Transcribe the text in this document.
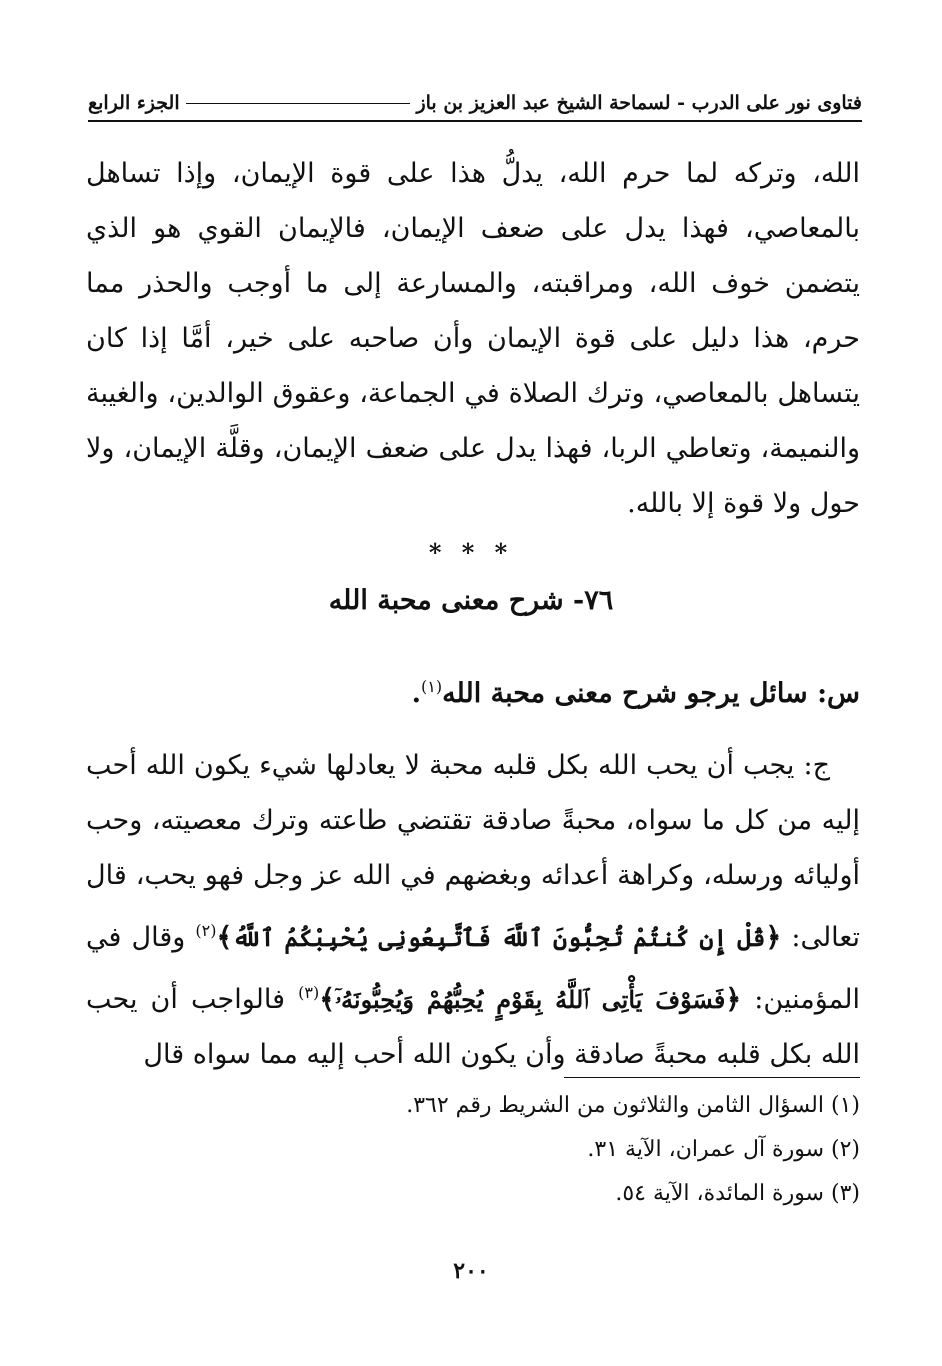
فتاوى نور على الدرب - لسماحة الشيخ عبد العزيز بن باز
الجزء الرابع

الله، وتركه لما حرم الله، يدلُّ هذا على قوة الإيمان، وإذا تساهل بالمعاصي، فهذا يدل على ضعف الإيمان، فالإيمان القوي هو الذي يتضمن خوف الله، ومراقبته، والمسارعة إلى ما أوجب والحذر مما حرم، هذا دليل على قوة الإيمان وأن صاحبه على خير، أمَّا إذا كان يتساهل بالمعاصي، وترك الصلاة في الجماعة، وعقوق الوالدين، والغيبة والنميمة، وتعاطي الربا، فهذا يدل على ضعف الإيمان، وقلَّة الإيمان، ولا حول ولا قوة إلا بالله.

* * *
٧٦- شرح معنى محبة الله
س: سائل يرجو شرح معنى محبة الله$^{(١)}$.

ج: يجب أن يحب الله بكل قلبه محبة لا يعادلها شيء يكون الله أحب إليه من كل ما سواه، محبةً صادقة تقتضي طاعته وترك معصيته، وحب أوليائه ورسله، وكراهة أعدائه وبغضهم في الله عز وجل فهو يحب، قال تعالى: ﴿قُلْ إِن كُنتُمْ تُحِبُّونَ ٱللَّهَ فَٱتَّبِعُونِى يُحْبِبْكُمُ ٱللَّهُ﴾$^{(٢)}$ وقال في المؤمنين: ﴿فَسَوْفَ يَأْتِى ٱللَّهُ بِقَوْمٍ يُحِبُّهُمْ وَيُحِبُّونَهُۥٓ﴾$^{(٣)}$ فالواجب أن يحب الله بكل قلبه محبةً صادقة وأن يكون الله أحب إليه مما سواه قال

(١) السؤال الثامن والثلاثون من الشريط رقم ٣٦٢.
(٢) سورة آل عمران، الآية ٣١.
(٣) سورة المائدة، الآية ٥٤.
٢٠٠
